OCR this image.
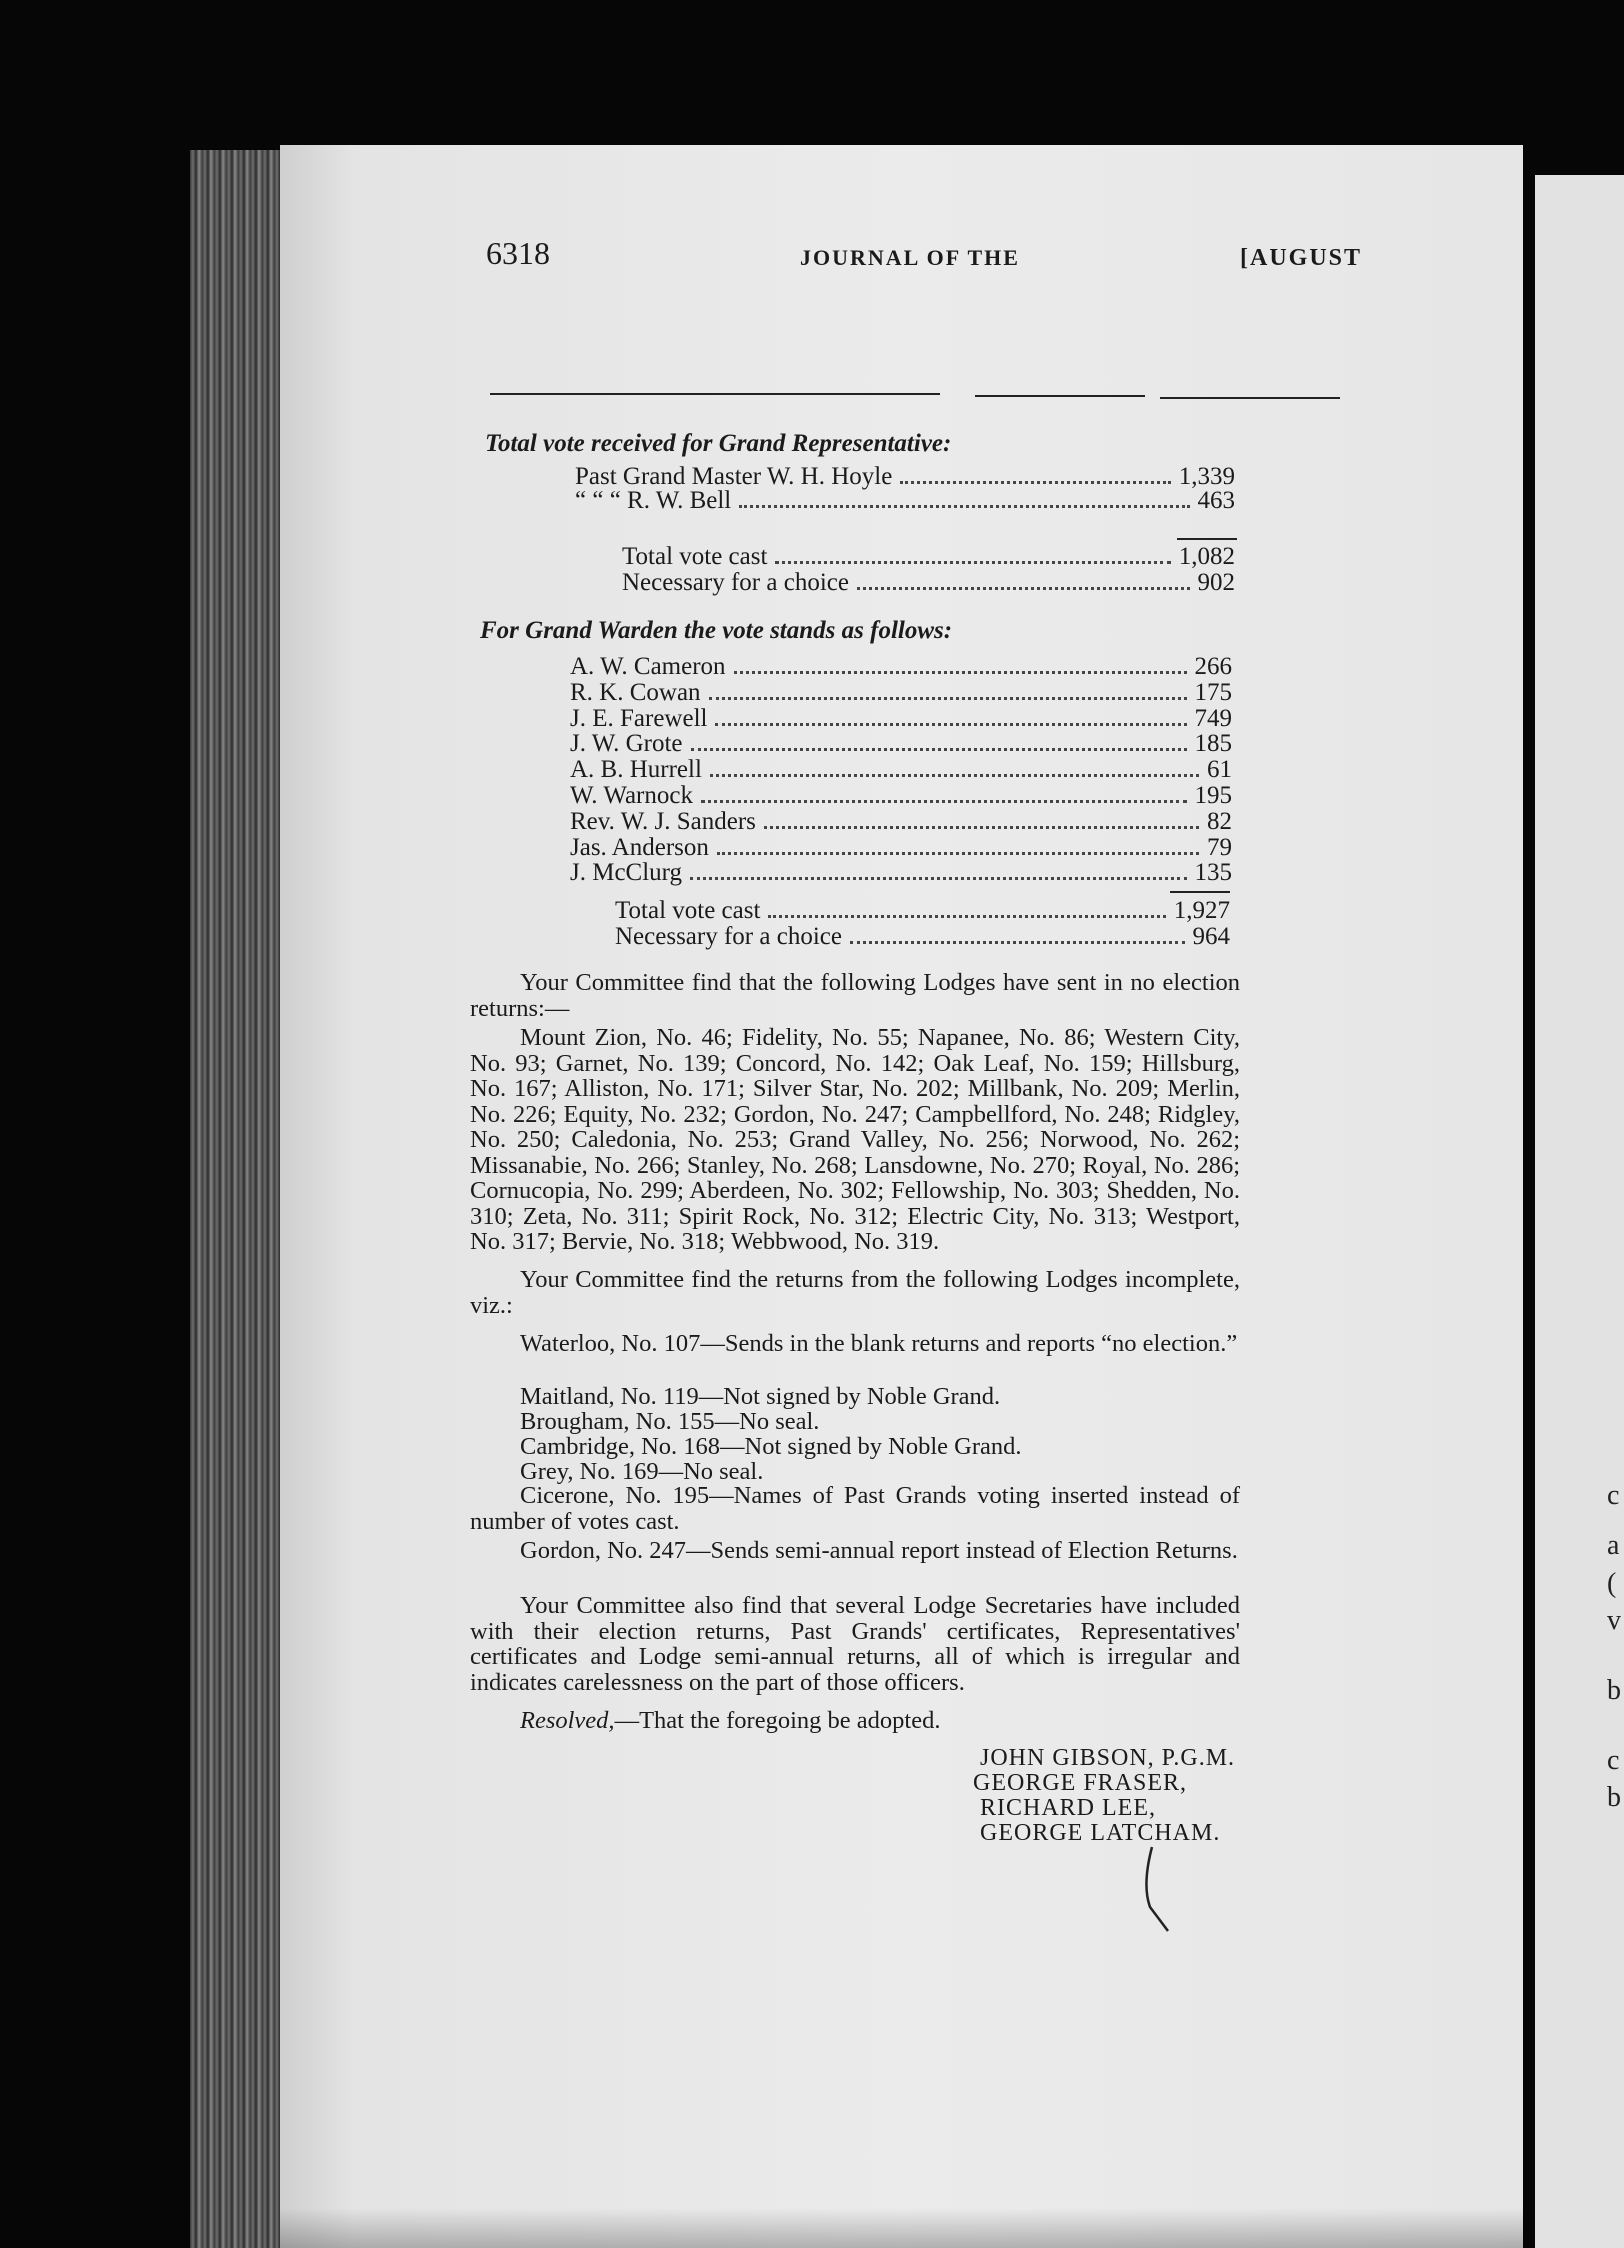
6318	JOURNAL OF THE	[AUGUST
Total vote received for Grand Representative:
Past Grand Master W. H. Hoyle	1,339
“ “ “ R. W. Bell	463
Total vote cast	1,082
Necessary for a choice	902
For Grand Warden the vote stands as follows:
A. W. Cameron	266
R. K. Cowan	175
J. E. Farewell	749
J. W. Grote	185
A. B. Hurrell	61
W. Warnock	195
Rev. W. J. Sanders	82
Jas. Anderson	79
J. McClurg	135
Total vote cast	1,927
Necessary for a choice	964
Your Committee find that the following Lodges have sent in no election returns:—
Mount Zion, No. 46; Fidelity, No. 55; Napanee, No. 86; Western City, No. 93; Garnet, No. 139; Concord, No. 142; Oak Leaf, No. 159; Hillsburg, No. 167; Alliston, No. 171; Silver Star, No. 202; Millbank, No. 209; Merlin, No. 226; Equity, No. 232; Gordon, No. 247; Campbellford, No. 248; Ridgley, No. 250; Caledonia, No. 253; Grand Valley, No. 256; Norwood, No. 262; Missanabie, No. 266; Stanley, No. 268; Lansdowne, No. 270; Royal, No. 286; Cornucopia, No. 299; Aberdeen, No. 302; Fellowship, No. 303; Shedden, No. 310; Zeta, No. 311; Spirit Rock, No. 312; Electric City, No. 313; Westport, No. 317; Bervie, No. 318; Webbwood, No. 319.
Your Committee find the returns from the following Lodges incomplete, viz.:
Waterloo, No. 107—Sends in the blank returns and reports “no election.”
Maitland, No. 119—Not signed by Noble Grand.
Brougham, No. 155—No seal.
Cambridge, No. 168—Not signed by Noble Grand.
Grey, No. 169—No seal.
Cicerone, No. 195—Names of Past Grands voting inserted instead of number of votes cast.
Gordon, No. 247—Sends semi-annual report instead of Election Returns.
Your Committee also find that several Lodge Secretaries have included with their election returns, Past Grands' certificates, Representatives' certificates and Lodge semi-annual returns, all of which is irregular and indicates carelessness on the part of those officers.
Resolved,—That the foregoing be adopted.
JOHN GIBSON, P.G.M.
GEORGE FRASER,
RICHARD LEE,
GEORGE LATCHAM.
c
a
(
v
b
c
b
